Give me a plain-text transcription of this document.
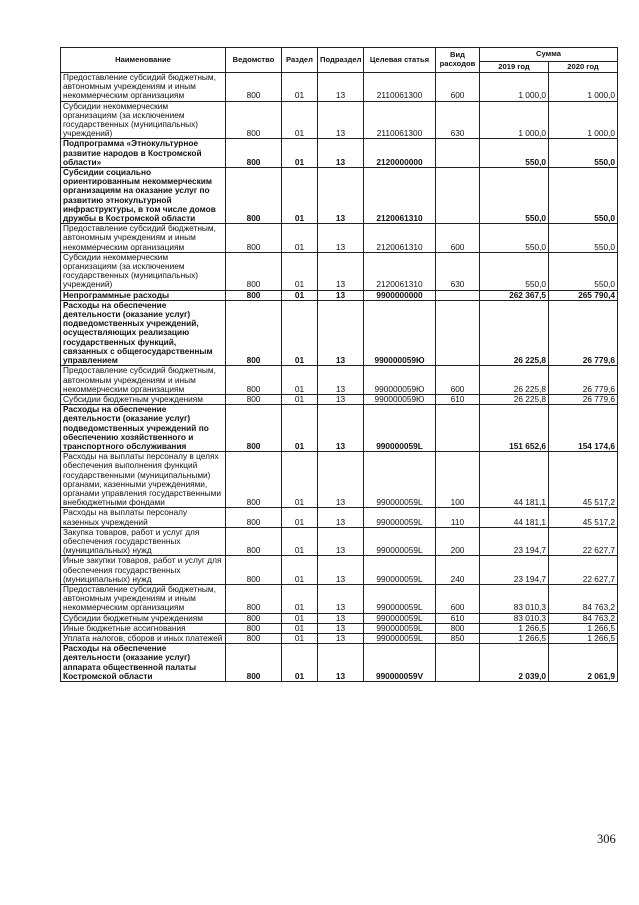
Наименование	Ведомство	Раздел	Подраздел	Целевая статья	Вид расходов	Сумма	
						2019 год	2020 год
Предоставление субсидий бюджетным, автономным учреждениям и иным некоммерческим организациям	800	01	13	2110061300	600	1 000,0	1 000,0
Субсидии некоммерческим организациям (за исключением государственных (муниципальных) учреждений)	800	01	13	2110061300	630	1 000,0	1 000,0
Подпрограмма «Этнокультурное развитие народов в Костромской области»	800	01	13	2120000000		550,0	550,0
Субсидии социально ориентированным некоммерческим организациям на оказание услуг по развитию этнокультурной инфраструктуры, в том числе домов дружбы в Костромской области	800	01	13	2120061310		550,0	550,0
Предоставление субсидий бюджетным, автономным учреждениям и иным некоммерческим организациям	800	01	13	2120061310	600	550,0	550,0
Субсидии некоммерческим организациям (за исключением государственных (муниципальных) учреждений)	800	01	13	2120061310	630	550,0	550,0
Непрограммные расходы	800	01	13	9900000000		262 367,5	265 790,4
Расходы на обеспечение деятельности (оказание услуг) подведомственных учреждений, осуществляющих реализацию государственных функций, связанных с общегосударственным управлением	800	01	13	990000059Ю		26 225,8	26 779,6
Предоставление субсидий бюджетным, автономным учреждениям и иным некоммерческим организациям	800	01	13	990000059Ю	600	26 225,8	26 779,6
Субсидии бюджетным учреждениям	800	01	13	990000059Ю	610	26 225,8	26 779,6
Расходы на обеспечение деятельности (оказание услуг) подведомственных учреждений по обеспечению хозяйственного и транспортного обслуживания	800	01	13	990000059L		151 652,6	154 174,6
Расходы на выплаты персоналу в целях обеспечения выполнения функций государственными (муниципальными) органами, казенными учреждениями, органами управления государственными внебюджетными фондами	800	01	13	990000059L	100	44 181,1	45 517,2
Расходы на выплаты персоналу казенных учреждений	800	01	13	990000059L	110	44 181,1	45 517,2
Закупка товаров, работ и услуг для обеспечения государственных (муниципальных) нужд	800	01	13	990000059L	200	23 194,7	22 627,7
Иные закупки товаров, работ и услуг для обеспечения государственных (муниципальных) нужд	800	01	13	990000059L	240	23 194,7	22 627,7
Предоставление субсидий бюджетным, автономным учреждениям и иным некоммерческим организациям	800	01	13	990000059L	600	83 010,3	84 763,2
Субсидии бюджетным учреждениям	800	01	13	990000059L	610	83 010,3	84 763,2
Иные бюджетные ассигнования	800	01	13	990000059L	800	1 266,5	1 266,5
Уплата налогов, сборов и иных платежей	800	01	13	990000059L	850	1 266,5	1 266,5
Расходы на обеспечение деятельности (оказание услуг) аппарата общественной палаты Костромской области	800	01	13	990000059V		2 039,0	2 061,9
306
